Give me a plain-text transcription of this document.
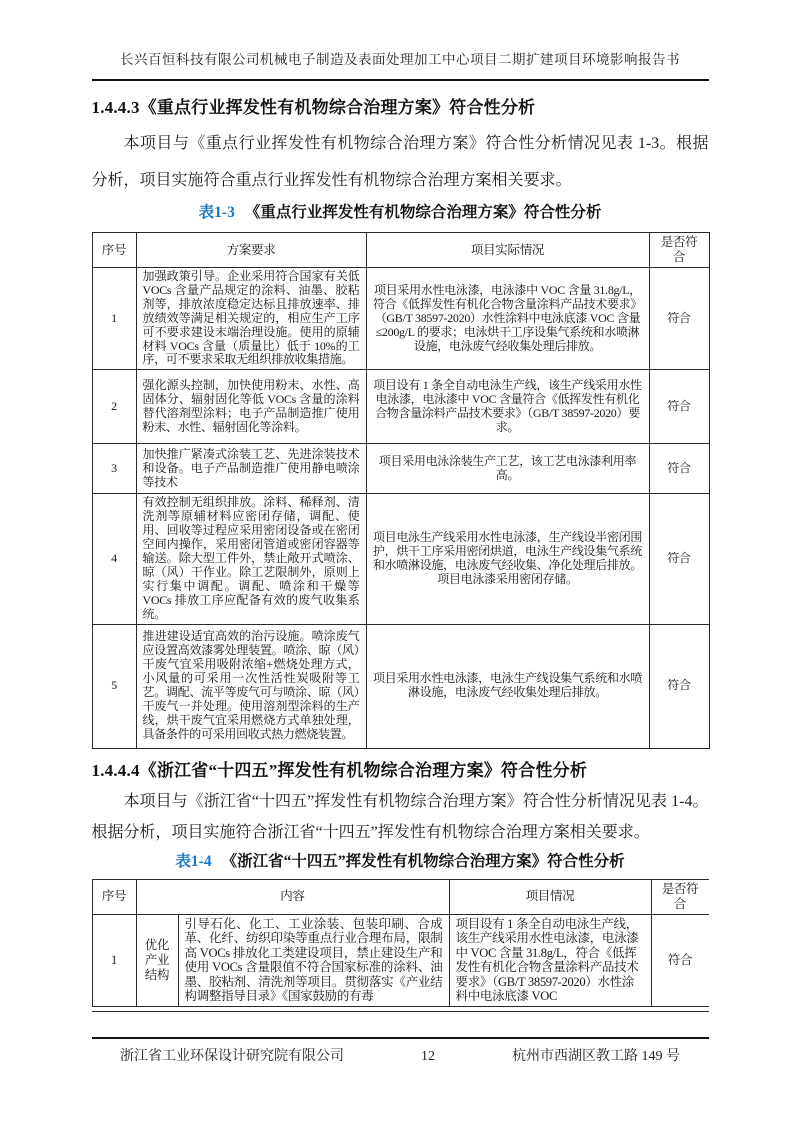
长兴百恒科技有限公司机械电子制造及表面处理加工中心项目二期扩建项目环境影响报告书
1.4.4.3《重点行业挥发性有机物综合治理方案》符合性分析

本项目与《重点行业挥发性有机物综合治理方案》符合性分析情况见表 1-3。根据分析，项目实施符合重点行业挥发性有机物综合治理方案相关要求。

表1-3 《重点行业挥发性有机物综合治理方案》符合性分析
序号	方案要求	项目实际情况	是否符合
1	加强政策引导。企业采用符合国家有关低 VOCs 含量产品规定的涂料、油墨、胶粘剂等，排放浓度稳定达标且排放速率、排放绩效等满足相关规定的，相应生产工序可不要求建设末端治理设施。使用的原辅材料 VOCs 含量（质量比）低于 10%的工序，可不要求采取无组织排放收集措施。	项目采用水性电泳漆，电泳漆中 VOC 含量 31.8g/L，符合《低挥发性有机化合物含量涂料产品技术要求》（GB/T 38597-2020）水性涂料中电泳底漆 VOC 含量≤200g/L 的要求；电泳烘干工序设集气系统和水喷淋设施，电泳废气经收集处理后排放。	符合
2	强化源头控制，加快使用粉末、水性、高固体分、辐射固化等低 VOCs 含量的涂料替代溶剂型涂料；电子产品制造推广使用粉末、水性、辐射固化等涂料。	项目设有 1 条全自动电泳生产线，该生产线采用水性电泳漆，电泳漆中 VOC 含量符合《低挥发性有机化合物含量涂料产品技术要求》（GB/T 38597-2020）要求。	符合
3	加快推广紧凑式涂装工艺、先进涂装技术和设备。电子产品制造推广使用静电喷涂等技术	项目采用电泳涂装生产工艺，该工艺电泳漆利用率高。	符合
4	有效控制无组织排放。涂料、稀释剂、清洗剂等原辅材料应密闭存储，调配、使用、回收等过程应采用密闭设备或在密闭空间内操作，采用密闭管道或密闭容器等输送。除大型工件外，禁止敞开式喷涂、晾（风）干作业。除工艺限制外，原则上实行集中调配。调配、喷涂和干燥等 VOCs 排放工序应配备有效的废气收集系统。	项目电泳生产线采用水性电泳漆，生产线设半密闭围护，烘干工序采用密闭烘道，电泳生产线设集气系统和水喷淋设施，电泳废气经收集、净化处理后排放。项目电泳漆采用密闭存储。	符合
5	推进建设适宜高效的治污设施。喷涂废气应设置高效漆雾处理装置。喷涂、晾（风）干废气宜采用吸附浓缩+燃烧处理方式，小风量的可采用一次性活性炭吸附等工艺。调配、流平等废气可与喷涂、晾（风）干废气一并处理。使用溶剂型涂料的生产线，烘干废气宜采用燃烧方式单独处理，具备条件的可采用回收式热力燃烧装置。	项目采用水性电泳漆，电泳生产线设集气系统和水喷淋设施，电泳废气经收集处理后排放。	符合
1.4.4.4《浙江省“十四五”挥发性有机物综合治理方案》符合性分析

本项目与《浙江省“十四五”挥发性有机物综合治理方案》符合性分析情况见表 1-4。根据分析，项目实施符合浙江省“十四五”挥发性有机物综合治理方案相关要求。

表1-4 《浙江省“十四五”挥发性有机物综合治理方案》符合性分析
序号	内容		项目情况	是否符合
1	优化产业结构	引导石化、化工、工业涂装、包装印刷、合成革、化纤、纺织印染等重点行业合理布局，限制高 VOCs 排放化工类建设项目，禁止建设生产和使用 VOCs 含量限值不符合国家标准的涂料、油墨、胶粘剂、清洗剂等项目。贯彻落实《产业结构调整指导目录》《国家鼓励的有毒	项目设有 1 条全自动电泳生产线，该生产线采用水性电泳漆，电泳漆中 VOC 含量 31.8g/L，符合《低挥发性有机化合物含量涂料产品技术要求》（GB/T 38597-2020）水性涂料中电泳底漆 VOC	符合
浙江省工业环保设计研究院有限公司	12	杭州市西湖区教工路 149 号
